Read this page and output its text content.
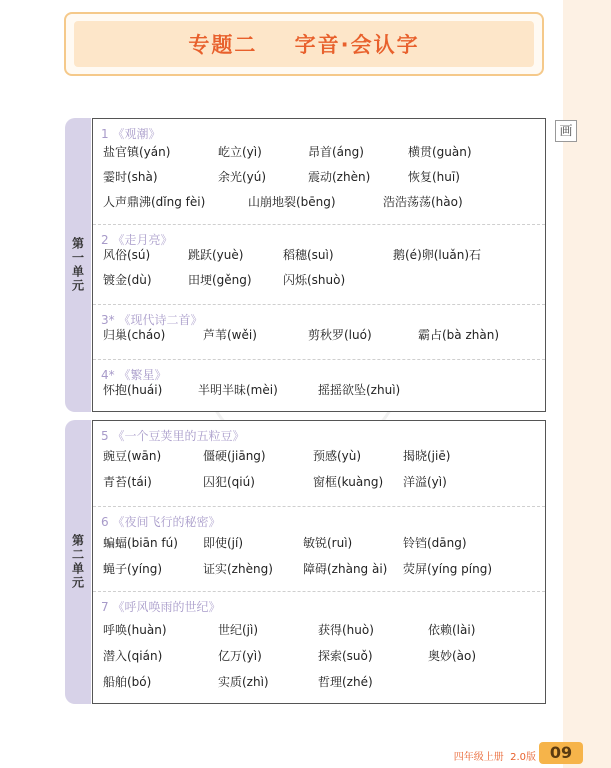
专题二    字音·会认字
画
第一单元
1 《观潮》
盐官镇(yán)	屹立(yì)	昂首(áng)	横贯(guàn)
霎时(shà)	余光(yú)	震动(zhèn)	恢复(huī)
人声鼎沸(dǐng fèi)	山崩地裂(bēng)	浩浩荡荡(hào)
2 《走月亮》
风俗(sú)	跳跃(yuè)	稻穗(suì)	鹅(é)卵(luǎn)石
镀金(dù)	田埂(gěng)	闪烁(shuò)
3* 《现代诗二首》
归巢(cháo)	芦苇(wěi)	剪秋罗(luó)	霸占(bà zhàn)
4* 《繁星》
怀抱(huái)	半明半昧(mèi)	摇摇欲坠(zhuì)
第二单元
5 《一个豆荚里的五粒豆》
豌豆(wān)	僵硬(jiāng)	预感(yù)	揭晓(jiē)
青苔(tái)	囚犯(qiú)	窗框(kuàng) 洋溢(yì)
6 《夜间飞行的秘密》
蝙蝠(biān fú) 即使(jí)	敏锐(ruì)	铃铛(dāng)
蝇子(yíng)	证实(zhèng)	障碍(zhàng ài) 荧屏(yíng píng)
7 《呼风唤雨的世纪》
呼唤(huàn)	世纪(jì)	获得(huò)	依赖(lài)
潜入(qián)	亿万(yì)	探索(suǒ)	奥妙(ào)
船舶(bó)	实质(zhì)	哲理(zhé)
四年级上册  2.0版 09
